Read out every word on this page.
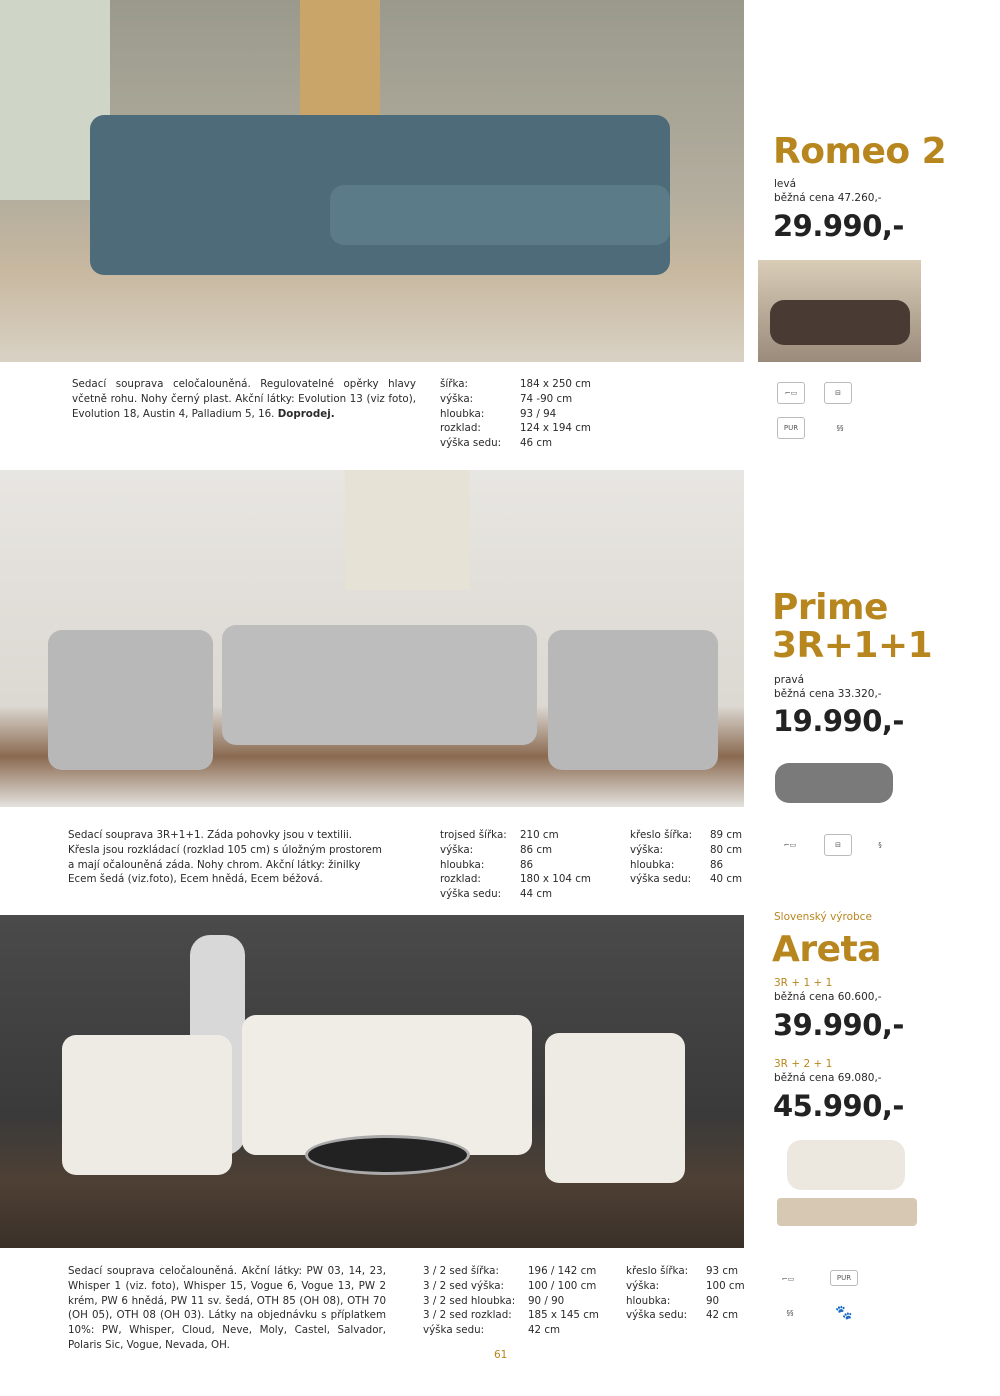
Romeo 2
levá
běžná cena 47.260,-
29.990,-
Sedací souprava celočalouněná. Regulovatelné opěrky hlavy včetně rohu. Nohy černý plast. Akční látky: Evolution 13 (viz foto), Evolution 18, Austin 4, Palladium 5, 16. Doprodej.
šířka:	184 x 250 cm
výška:	74 -90 cm
hloubka:	93 / 94
rozklad:	124 x 194 cm
výška sedu:	46 cm
⌐▭	⊟
PUR	§§
Prime
3R+1+1
pravá
běžná cena 33.320,-
19.990,-
Sedací souprava 3R+1+1. Záda pohovky jsou v textilii. Křesla jsou rozkládací (rozklad 105 cm) s úložným prostorem a mají očalouněná záda. Nohy chrom. Akční látky: žinilky Ecem šedá (viz.foto), Ecem hnědá, Ecem béžová.
trojsed šířka:	210 cm
výška:	86 cm
hloubka:	86
rozklad:	180 x 104 cm
výška sedu:	44 cm
křeslo šířka:	89 cm
výška:	80 cm
hloubka:	86
výška sedu:	40 cm
⌐▭	⊟	§
Slovenský výrobce
Areta
3R + 1 + 1
běžná cena 60.600,-
39.990,-
3R + 2 + 1
běžná cena 69.080,-
45.990,-
Sedací souprava celočalouněná. Akční látky: PW 03, 14, 23, Whisper 1 (viz. foto), Whisper 15, Vogue 6, Vogue 13, PW 2 krém, PW 6 hnědá, PW 11 sv. šedá, OTH 85 (OH 08), OTH 70 (OH 05), OTH 08 (OH 03). Látky na objednávku s příplatkem 10%: PW, Whisper, Cloud, Neve, Moly, Castel, Salvador, Polaris Sic, Vogue, Nevada, OH.
3 / 2 sed šířka:	196 / 142 cm
3 / 2 sed výška:	100 / 100 cm
3 / 2 sed hloubka:	90 / 90
3 / 2 sed rozklad:	185 x 145 cm
výška sedu:	42 cm
křeslo šířka:	93 cm
výška:	100 cm
hloubka:	90
výška sedu:	42 cm
⌐▭	PUR
§§	🐾
61
